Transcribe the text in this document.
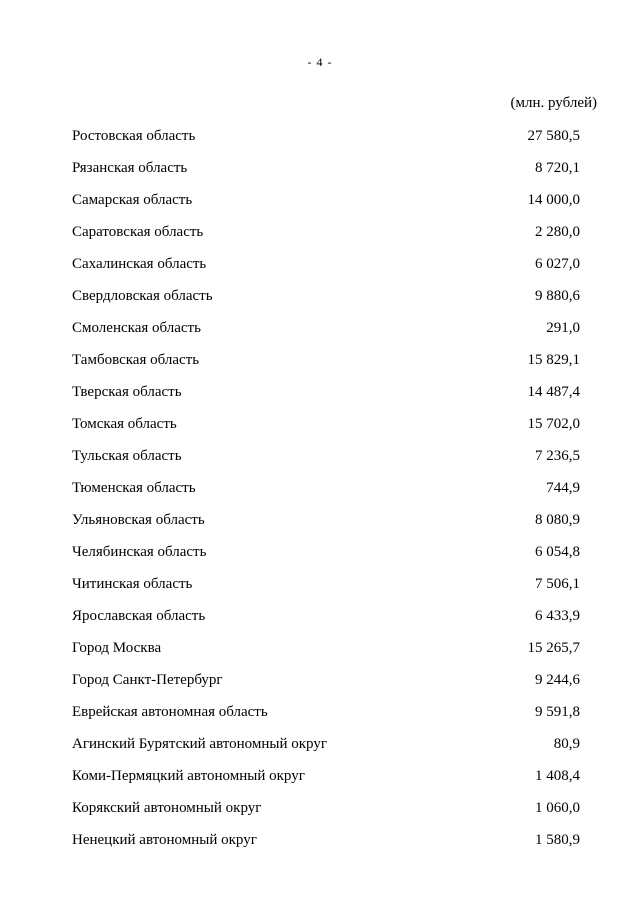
- 4 -
(млн. рублей)
Ростовская область	27 580,5
Рязанская область	8 720,1
Самарская область	14 000,0
Саратовская область	2 280,0
Сахалинская область	6 027,0
Свердловская область	9 880,6
Смоленская область	291,0
Тамбовская область	15 829,1
Тверская область	14 487,4
Томская область	15 702,0
Тульская область	7 236,5
Тюменская область	744,9
Ульяновская область	8 080,9
Челябинская область	6 054,8
Читинская область	7 506,1
Ярославская область	6 433,9
Город Москва	15 265,7
Город Санкт-Петербург	9 244,6
Еврейская автономная область	9 591,8
Агинский Бурятский автономный округ	80,9
Коми-Пермяцкий автономный округ	1 408,4
Корякский автономный округ	1 060,0
Ненецкий автономный округ	1 580,9
